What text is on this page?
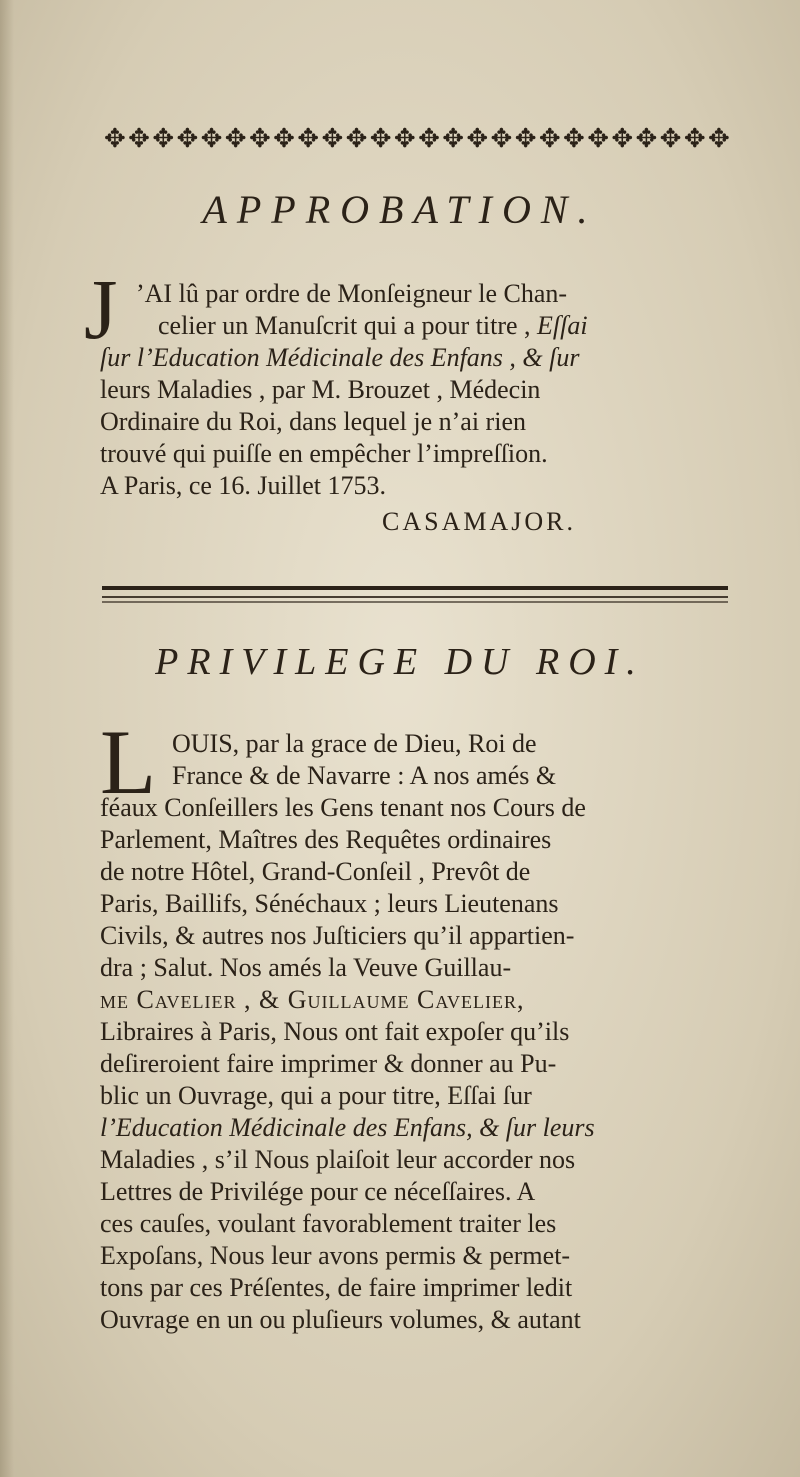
✥ ✥ ✥ ✥ ✥ ✥ ✥ ✥ ✥ ✥ ✥ ✥ ✥ ✥ ✥ ✥ ✥ ✥ ✥ ✥ ✥ ✥ ✥ ✥ ✥ ✥
APPROBATION.
J ’AI lû par ordre de Monſeigneur le Chan-
celier un Manuſcrit qui a pour titre , Eſſai
ſur l’Education Médicinale des Enfans , & ſur
leurs Maladies , par M. Brouzet , Médecin
Ordinaire du Roi, dans lequel je n’ai rien
trouvé qui puiſſe en empêcher l’impreſſion.
A Paris, ce 16. Juillet 1753.
CASAMAJOR.
PRIVILEGE DU ROI.
L OUIS, par la grace de Dieu, Roi de
France & de Navarre : A nos amés &
féaux Conſeillers les Gens tenant nos Cours de
Parlement, Maîtres des Requêtes ordinaires
de notre Hôtel, Grand-Conſeil , Prevôt de
Paris, Baillifs, Sénéchaux ; leurs Lieutenans
Civils, & autres nos Juſticiers qu’il appartien-
dra ; Salut. Nos amés la Veuve Guillau-
me Cavelier , & Guillaume Cavelier,
Libraires à Paris, Nous ont fait expoſer qu’ils
deſireroient faire imprimer & donner au Pu-
blic un Ouvrage, qui a pour titre, Eſſai ſur
l’Education Médicinale des Enfans, & ſur leurs
Maladies , s’il Nous plaiſoit leur accorder nos
Lettres de Privilége pour ce néceſſaires. A
ces cauſes, voulant favorablement traiter les
Expoſans, Nous leur avons permis & permet-
tons par ces Préſentes, de faire imprimer ledit
Ouvrage en un ou pluſieurs volumes, & autant
